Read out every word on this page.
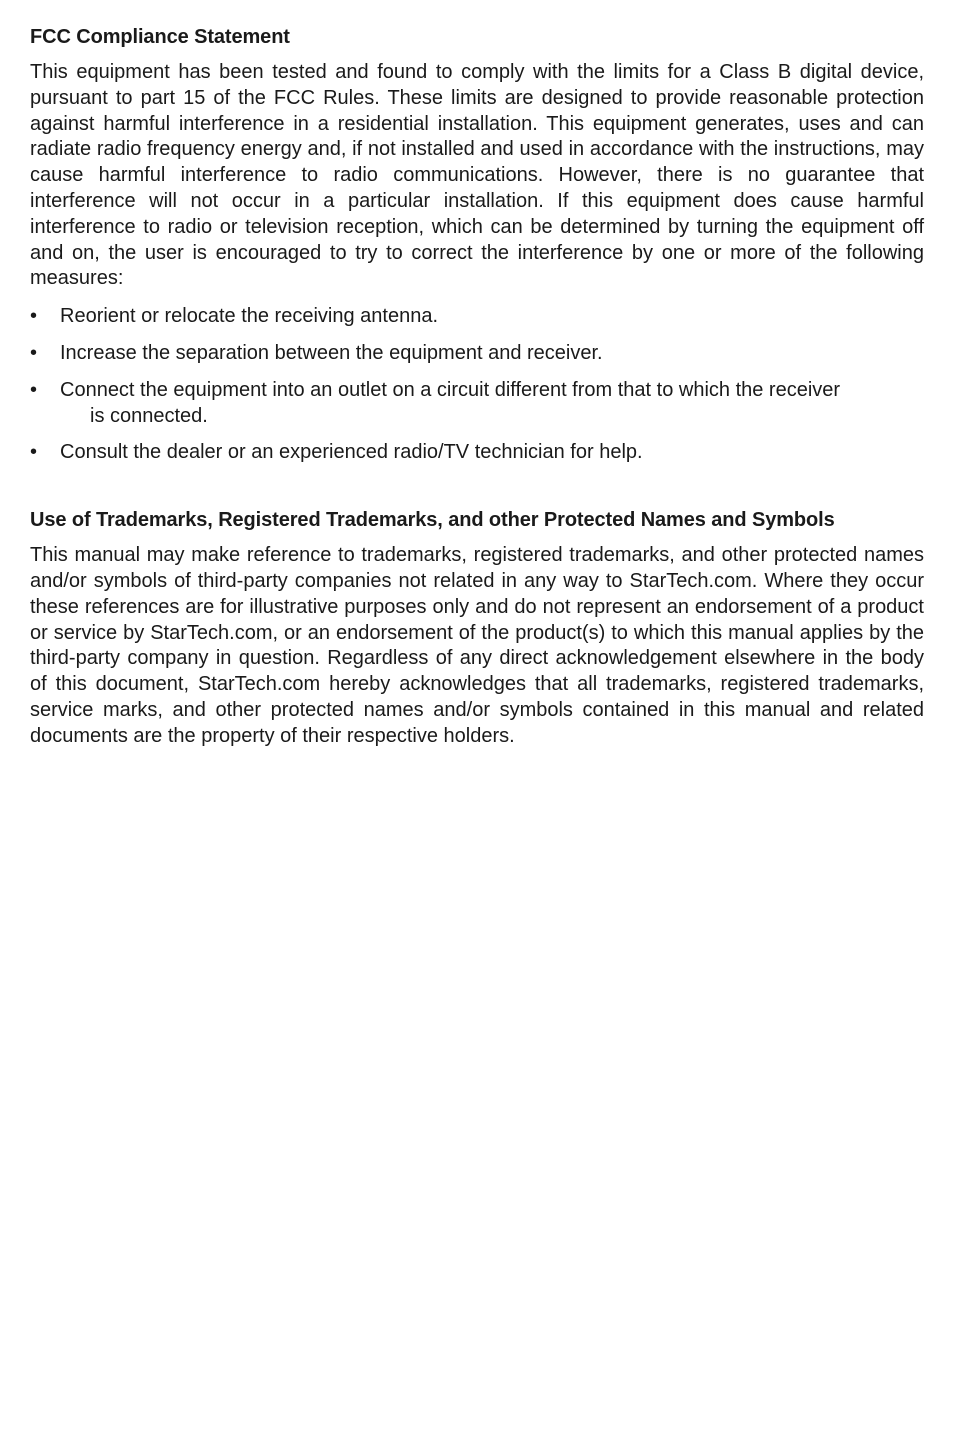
FCC Compliance Statement

This equipment has been tested and found to comply with the limits for a Class B digital device, pursuant to part 15 of the FCC Rules. These limits are designed to provide reasonable protection against harmful interference in a residential installation. This equipment generates, uses and can radiate radio frequency energy and, if not installed and used in accordance with the instructions, may cause harmful interference to radio communications. However, there is no guarantee that interference will not occur in a particular installation. If this equipment does cause harmful interference to radio or television reception, which can be determined by turning the equipment off and on, the user is encouraged to try to correct the interference by one or more of the following measures:

•	Reorient or relocate the receiving antenna.
•	Increase the separation between the equipment and receiver.
•	Connect the equipment into an outlet on a circuit different from that to which the receiver
is connected.
•	Consult the dealer or an experienced radio/TV technician for help.
Use of Trademarks, Registered Trademarks, and other Protected Names and Symbols

This manual may make reference to trademarks, registered trademarks, and other protected names and/or symbols of third-party companies not related in any way to StarTech.com. Where they occur these references are for illustrative purposes only and do not represent an endorsement of a product or service by StarTech.com, or an endorsement of the product(s) to which this manual applies by the third-party company in question. Regardless of any direct acknowledgement elsewhere in the body of this document, StarTech.com hereby acknowledges that all trademarks, registered trademarks, service marks, and other protected names and/or symbols contained in this manual and related documents are the property of their respective holders.
